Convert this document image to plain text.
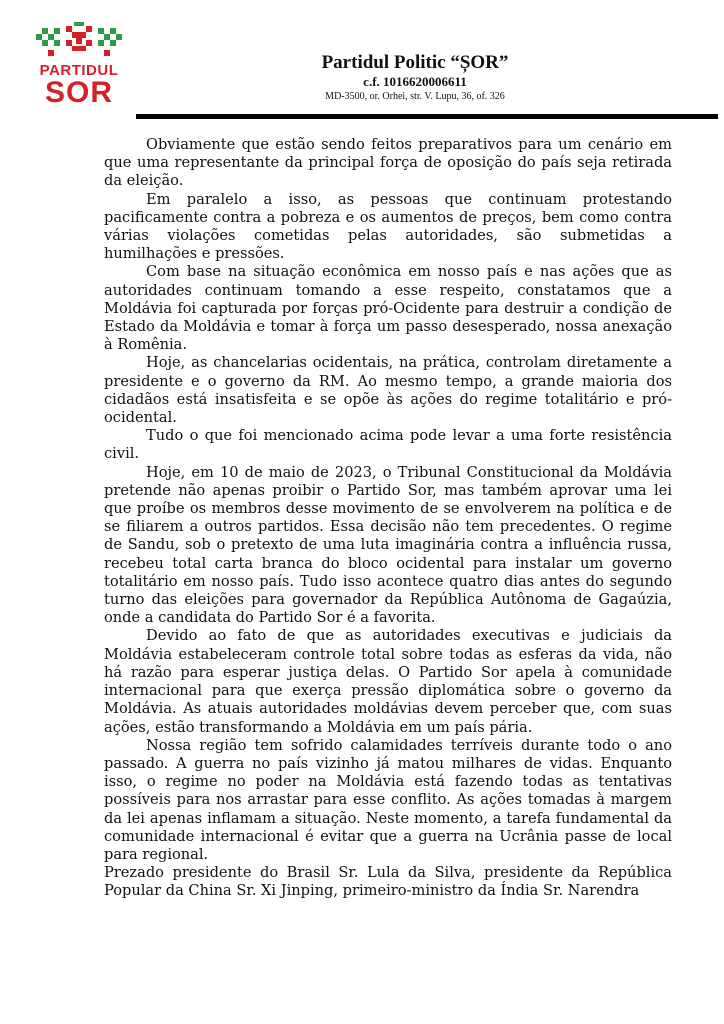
PARTIDUL
SOR
Partidul Politic “ȘOR”
c.f. 1016620006611
MD-3500, or. Orhei, str. V. Lupu, 36, of. 326

Obviamente que estão sendo feitos preparativos para um cenário em que uma representante da principal força de oposição do país seja retirada da eleição.

Em paralelo a isso, as pessoas que continuam protestando pacificamente contra a pobreza e os aumentos de preços, bem como contra várias violações cometidas pelas autoridades, são submetidas a humilhações e pressões.

Com base na situação econômica em nosso país e nas ações que as autoridades continuam tomando a esse respeito, constatamos que a Moldávia foi capturada por forças pró-Ocidente para destruir a condição de Estado da Moldávia e tomar à força um passo desesperado, nossa anexação à Romênia.

Hoje, as chancelarias ocidentais, na prática, controlam diretamente a presidente e o governo da RM. Ao mesmo tempo, a grande maioria dos cidadãos está insatisfeita e se opõe às ações do regime totalitário e pró-ocidental.

Tudo o que foi mencionado acima pode levar a uma forte resistência civil.

Hoje, em 10 de maio de 2023, o Tribunal Constitucional da Moldávia pretende não apenas proibir o Partido Sor, mas também aprovar uma lei que proíbe os membros desse movimento de se envolverem na política e de se filiarem a outros partidos. Essa decisão não tem precedentes. O regime de Sandu, sob o pretexto de uma luta imaginária contra a influência russa, recebeu total carta branca do bloco ocidental para instalar um governo totalitário em nosso país. Tudo isso acontece quatro dias antes do segundo turno das eleições para governador da República Autônoma de Gagaúzia, onde a candidata do Partido Sor é a favorita.

Devido ao fato de que as autoridades executivas e judiciais da Moldávia estabeleceram controle total sobre todas as esferas da vida, não há razão para esperar justiça delas. O Partido Sor apela à comunidade internacional para que exerça pressão diplomática sobre o governo da Moldávia. As atuais autoridades moldávias devem perceber que, com suas ações, estão transformando a Moldávia em um país pária.

Nossa região tem sofrido calamidades terríveis durante todo o ano passado. A guerra no país vizinho já matou milhares de vidas. Enquanto isso, o regime no poder na Moldávia está fazendo todas as tentativas possíveis para nos arrastar para esse conflito. As ações tomadas à margem da lei apenas inflamam a situação. Neste momento, a tarefa fundamental da comunidade internacional é evitar que a guerra na Ucrânia passe de local para regional.

Prezado presidente do Brasil Sr. Lula da Silva, presidente da República Popular da China Sr. Xi Jinping, primeiro-ministro da Índia Sr. Narendra
